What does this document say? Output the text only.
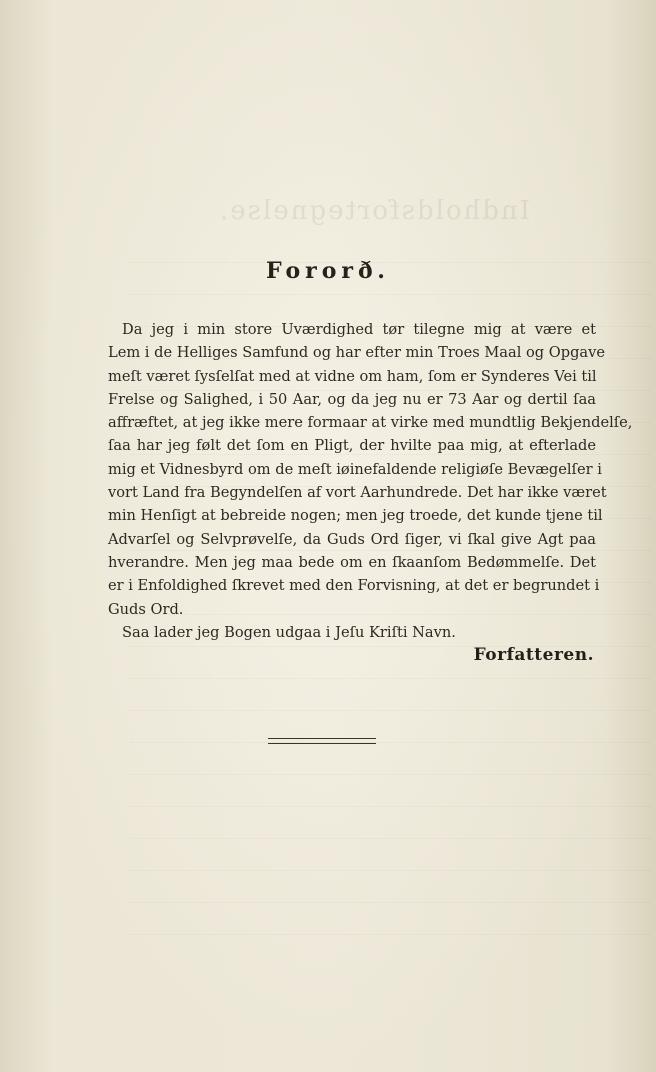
Indholdsfortegnelse.
Fororð.
Da jeg i min store Uværdighed tør tilegne mig at være et
Lem i de Helliges Samfund og har efter min Troes Maal og Opgave
meſt været ſysſelſat med at vidne om ham, ſom er Synderes Vei til
Frelse og Salighed, i 50 Aar, og da jeg nu er 73 Aar og dertil ſaa
affræftet, at jeg ikke mere formaar at virke med mundtlig Bekjendelſe,
ſaa har jeg følt det ſom en Pligt, der hvilte paa mig, at efterlade
mig et Vidnesbyrd om de meſt iøinefaldende religiøſe Bevægelſer i
vort Land fra Begyndelſen af vort Aarhundrede. Det har ikke været
min Henſigt at bebreide nogen; men jeg troede, det kunde tjene til
Advarſel og Selvprøvelſe, da Guds Ord ſiger, vi ſkal give Agt paa
hverandre. Men jeg maa bede om en ſkaanſom Bedømmelſe. Det
er i Enfoldighed ſkrevet med den Forvisning, at det er begrundet i
Guds Ord.
Saa lader jeg Bogen udgaa i Jeſu Kriſti Navn.
Forfatteren.
